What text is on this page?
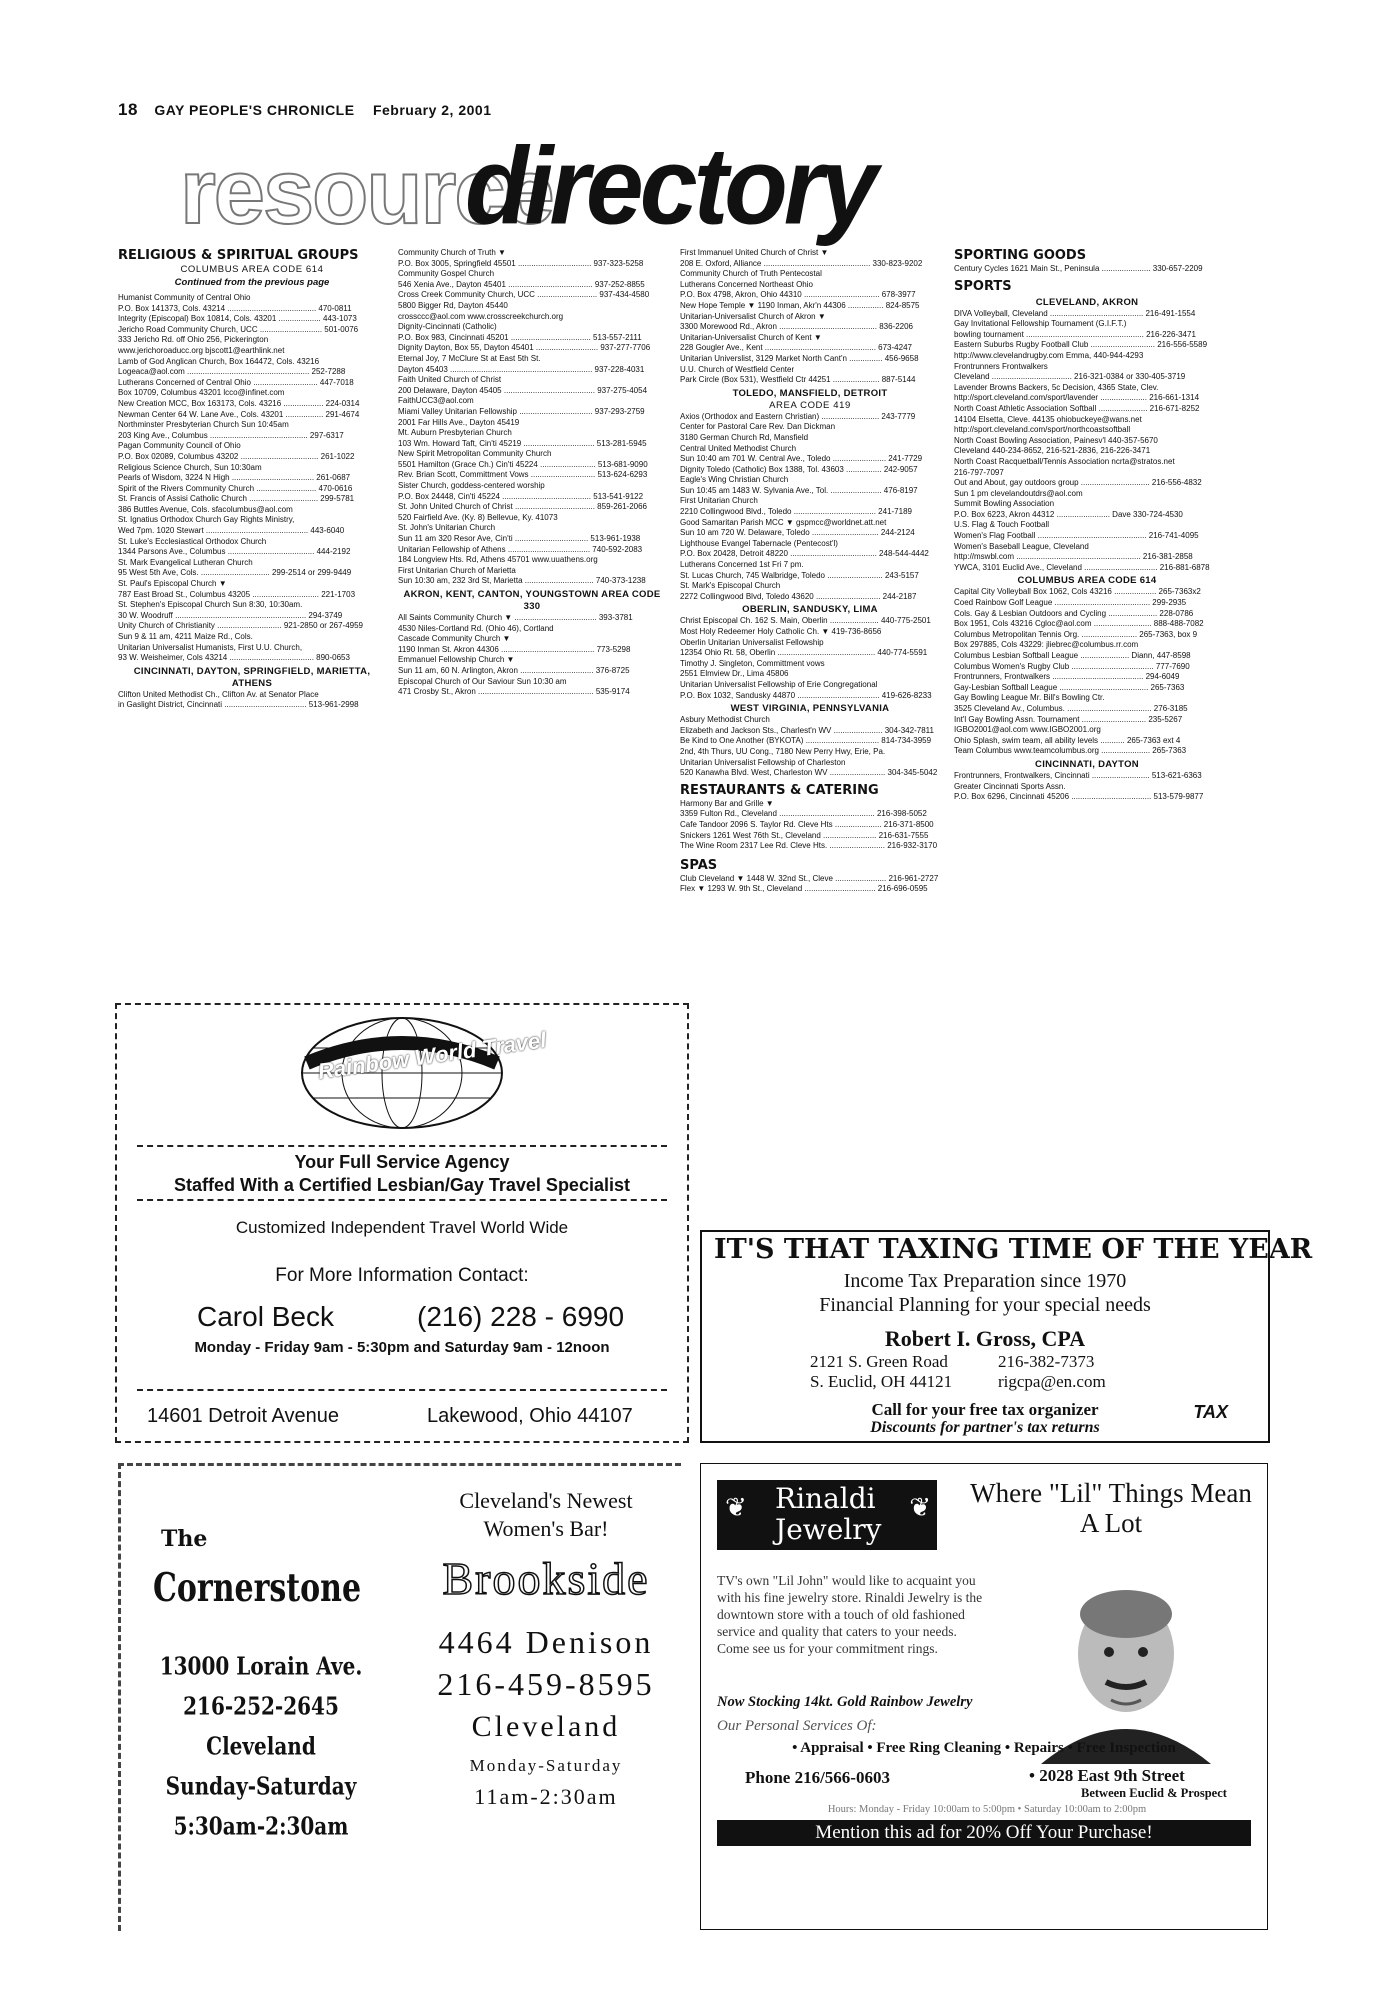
18 GAY PEOPLE'S CHRONICLE February 2, 2001
resource
directory
RELIGIOUS & SPIRITUAL GROUPS
COLUMBUS AREA CODE 614
Continued from the previous page
Humanist Community of Central Ohio
P.O. Box 141373, Cols. 43214 ........................................ 470-0811
Integrity (Episcopal) Box 10814, Cols. 43201 ................... 443-1073
Jericho Road Community Church, UCC ............................ 501-0076
333 Jericho Rd. off Ohio 256, Pickerington
www.jerichoroaducc.org bjscott1@earthlink.net
Lamb of God Anglican Church, Box 164472, Cols. 43216
Logeaca@aol.com ....................................................... 252-7288
Lutherans Concerned of Central Ohio ............................. 447-7018
Box 10709, Columbus 43201 lcco@infinet.com
New Creation MCC, Box 163173, Cols. 43216 .................. 224-0314
Newman Center 64 W. Lane Ave., Cols. 43201 ................. 291-4674
Northminster Presbyterian Church Sun 10:45am
203 King Ave., Columbus ............................................ 297-6317
Pagan Community Council of Ohio
P.O. Box 02089, Columbus 43202 ................................... 261-1022
Religious Science Church, Sun 10:30am
Pearls of Wisdom, 3224 N High ..................................... 261-0687
Spirit of the Rivers Community Church ........................... 470-0616
St. Francis of Assisi Catholic Church ............................... 299-5781
386 Buttles Avenue, Cols. sfacolumbus@aol.com
St. Ignatius Orthodox Church Gay Rights Ministry,
Wed 7pm. 1020 Stewart .............................................. 443-6040
St. Luke's Ecclesiastical Orthodox Church
1344 Parsons Ave., Columbus ....................................... 444-2192
St. Mark Evangelical Lutheran Church
95 West 5th Ave, Cols. ............................... 299-2514 or 299-9449
St. Paul's Episcopal Church ▼
787 East Broad St., Columbus 43205 .............................. 221-1703
St. Stephen's Episcopal Church Sun 8:30, 10:30am.
30 W. Woodruff ........................................................... 294-3749
Unity Church of Christianity ............................. 921-2850 or 267-4959
Sun 9 & 11 am, 4211 Maize Rd., Cols.
Unitarian Universalist Humanists, First U.U. Church,
93 W. Weisheimer, Cols 43214 ...................................... 890-0653
CINCINNATI, DAYTON, SPRINGFIELD, MARIETTA, ATHENS
Clifton United Methodist Ch., Clifton Av. at Senator Place
in Gaslight District, Cincinnati ..................................... 513-961-2998
Community Church of Truth ▼
P.O. Box 3005, Springfield 45501 ................................. 937-323-5258
Community Gospel Church
546 Xenia Ave., Dayton 45401 ...................................... 937-252-8855
Cross Creek Community Church, UCC ........................... 937-434-4580
5800 Bigger Rd, Dayton 45440
crossccc@aol.com www.crosscreekchurch.org
Dignity-Cincinnati (Catholic)
P.O. Box 983, Cincinnati 45201 .................................... 513-557-2111
Dignity Dayton, Box 55, Dayton 45401 ............................ 937-277-7706
Eternal Joy, 7 McClure St at East 5th St.
Dayton 45403 ................................................................ 937-228-4031
Faith United Church of Christ
200 Delaware, Dayton 45405 ......................................... 937-275-4054
FaithUCC3@aol.com
Miami Valley Unitarian Fellowship ................................. 937-293-2759
2001 Far Hills Ave., Dayton 45419
Mt. Auburn Presbyterian Church
103 Wm. Howard Taft, Cin'ti 45219 ................................ 513-281-5945
New Spirit Metropolitan Community Church
5501 Hamilton (Grace Ch.) Cin'ti 45224 ......................... 513-681-9090
Rev. Brian Scott, Committment Vows ............................. 513-624-6293
Sister Church, goddess-centered worship
P.O. Box 24448, Cin'ti 45224 ........................................ 513-541-9122
St. John United Church of Christ .................................... 859-261-2066
520 Fairfield Ave. (Ky. 8) Bellevue, Ky. 41073
St. John's Unitarian Church
Sun 11 am 320 Resor Ave, Cin'ti ................................. 513-961-1938
Unitarian Fellowship of Athens ..................................... 740-592-2083
184 Longview Hts. Rd, Athens 45701 www.uuathens.org
First Unitarian Church of Marietta
Sun 10:30 am, 232 3rd St, Marietta ............................... 740-373-1238
AKRON, KENT, CANTON, YOUNGSTOWN AREA CODE 330
All Saints Community Church ▼ ..................................... 393-3781
4530 Niles-Cortland Rd. (Ohio 46), Cortland
Cascade Community Church ▼
1190 Inman St. Akron 44306 .......................................... 773-5298
Emmanuel Fellowship Church ▼
Sun 11 am, 60 N. Arlington, Akron ................................. 376-8725
Episcopal Church of Our Saviour Sun 10:30 am
471 Crosby St., Akron .................................................... 535-9174
First Immanuel United Church of Christ ▼
208 E. Oxford, Alliance ................................................ 330-823-9202
Community Church of Truth Pentecostal
Lutherans Concerned Northeast Ohio
P.O. Box 4798, Akron, Ohio 44310 .................................. 678-3977
New Hope Temple ▼ 1190 Inman, Akr'n 44306 ................ 824-8575
Unitarian-Universalist Church of Akron ▼
3300 Morewood Rd., Akron ............................................ 836-2206
Unitarian-Universalist Church of Kent ▼
228 Gougler Ave., Kent .................................................. 673-4247
Unitarian Universlist, 3129 Market North Cant'n ............... 456-9658
U.U. Church of Westfield Center
Park Circle (Box 531), Westfield Ctr 44251 ..................... 887-5144
TOLEDO, MANSFIELD, DETROIT
AREA CODE 419
Axios (Orthodox and Eastern Christian) .......................... 243-7779
Center for Pastoral Care Rev. Dan Dickman
3180 German Church Rd, Mansfield
Central United Methodist Church
Sun 10:40 am 701 W. Central Ave., Toledo ........................ 241-7729
Dignity Toledo (Catholic) Box 1388, Tol. 43603 ................ 242-9057
Eagle's Wing Christian Church
Sun 10:45 am 1483 W. Sylvania Ave., Tol. ....................... 476-8197
First Unitarian Church
2210 Collingwood Blvd., Toledo ..................................... 241-7189
Good Samaritan Parish MCC ▼ gspmcc@worldnet.att.net
Sun 10 am 720 W. Delaware, Toledo .............................. 244-2124
Lighthouse Evangel Tabernacle (Pentecost'l)
P.O. Box 20428, Detroit 48220 ....................................... 248-544-4442
Lutherans Concerned 1st Fri 7 pm.
St. Lucas Church, 745 Walbridge, Toledo ......................... 243-5157
St. Mark's Episcopal Church
2272 Collingwood Blvd, Toledo 43620 ............................. 244-2187
OBERLIN, SANDUSKY, LIMA
Christ Episcopal Ch. 162 S. Main, Oberlin ...................... 440-775-2501
Most Holy Redeemer Holy Catholic Ch. ▼ 419-736-8656
Oberlin Unitarian Universalist Fellowship
12354 Ohio Rt. 58, Oberlin ............................................ 440-774-5591
Timothy J. Singleton, Committment vows
2551 Elmview Dr., Lima 45806
Unitarian Universalist Fellowship of Erie Congregational
P.O. Box 1032, Sandusky 44870 ..................................... 419-626-8233
WEST VIRGINIA, PENNSYLVANIA
Asbury Methodist Church
Elizabeth and Jackson Sts., Charlest'n WV ...................... 304-342-7811
Be Kind to One Another (BYKOTA) ................................. 814-734-3959
2nd, 4th Thurs, UU Cong., 7180 New Perry Hwy, Erie, Pa.
Unitarian Universalist Fellowship of Charleston
520 Kanawha Blvd. West, Charleston WV ......................... 304-345-5042
RESTAURANTS & CATERING
Harmony Bar and Grille ▼
3359 Fulton Rd., Cleveland ........................................... 216-398-5052
Cafe Tandoor 2096 S. Taylor Rd. Cleve Hts ..................... 216-371-8500
Snickers 1261 West 76th St., Cleveland ........................ 216-631-7555
The Wine Room 2317 Lee Rd. Cleve Hts. ......................... 216-932-3170
SPAS
Club Cleveland ▼ 1448 W. 32nd St., Cleve ....................... 216-961-2727
Flex ▼ 1293 W. 9th St., Cleveland ................................ 216-696-0595
SPORTING GOODS
Century Cycles 1621 Main St., Peninsula ...................... 330-657-2209
SPORTS
CLEVELAND, AKRON
DIVA Volleyball, Cleveland .......................................... 216-491-1554
Gay Invitational Fellowship Tournament (G.I.F.T.)
bowling tournament ..................................................... 216-226-3471
Eastern Suburbs Rugby Football Club ............................. 216-556-5589
http://www.clevelandrugby.com Emma, 440-944-4293
Frontrunners Frontwalkers
Cleveland .................................... 216-321-0384 or 330-405-3719
Lavender Browns Backers, 5c Decision, 4365 State, Clev.
http://sport.cleveland.com/sport/lavender ..................... 216-661-1314
North Coast Athletic Association Softball ...................... 216-671-8252
14104 Elsetta, Cleve. 44135 ohiobuckeye@wans.net
http://sport.cleveland.com/sport/northcoastsoftball
North Coast Bowling Association, Painesv'l 440-357-5670
Cleveland 440-234-8652, 216-521-2836, 216-226-3471
North Coast Racquetball/Tennis Association ncrta@stratos.net
216-797-7097
Out and About, gay outdoors group ............................... 216-556-4832
Sun 1 pm clevelandoutdrs@aol.com
Summit Bowling Association
P.O. Box 6223, Akron 44312 ........................ Dave 330-724-4530
U.S. Flag & Touch Football
Women's Flag Football ................................................. 216-741-4095
Women's Baseball League, Cleveland
http://mswbl.com ........................................................ 216-381-2858
YWCA, 3101 Euclid Ave., Cleveland ................................. 216-881-6878
COLUMBUS AREA CODE 614
Capital City Volleyball Box 1062, Cols 43216 ................... 265-7363x2
Coed Rainbow Golf League ........................................... 299-2935
Cols. Gay & Lesbian Outdoors and Cycling ...................... 228-0786
Box 1951, Cols 43216 Cgloc@aol.com .......................... 888-488-7082
Columbus Metropolitan Tennis Org. ......................... 265-7363, box 9
Box 297885, Cols 43229: jliebrec@columbus.rr.com
Columbus Lesbian Softball League ...................... Diann, 447-8598
Columbus Women's Rugby Club ..................................... 777-7690
Frontrunners, Frontwalkers ......................................... 294-6049
Gay-Lesbian Softball League ........................................ 265-7363
Gay Bowling League Mr. Bill's Bowling Ctr.
3525 Cleveland Av., Columbus. ...................................... 276-3185
Int'l Gay Bowling Assn. Tournament ............................. 235-5267
IGBO2001@aol.com www.IGBO2001.org
Ohio Splash, swim team, all ability levels ........... 265-7363 ext 4
Team Columbus www.teamcolumbus.org ...................... 265-7363
CINCINNATI, DAYTON
Frontrunners, Frontwalkers, Cincinnati .......................... 513-621-6363
Greater Cincinnati Sports Assn.
P.O. Box 6296, Cincinnati 45206 .................................... 513-579-9877
Rainbow World Travel
Your Full Service Agency
Staffed With a Certified Lesbian/Gay Travel Specialist
Customized Independent Travel World Wide
For More Information Contact:
Carol Beck	(216) 228 - 6990
Monday - Friday 9am - 5:30pm and Saturday 9am - 12noon
14601 Detroit Avenue	Lakewood, Ohio 44107
IT'S THAT TAXING TIME OF THE YEAR
Income Tax Preparation since 1970
Financial Planning for your special needs
Robert I. Gross, CPA
2121 S. Green Road
S. Euclid, OH 44121
216-382-7373
rigcpa@en.com
Call for your free tax organizer
Discounts for partner's tax returns
TAX
The
Cornerstone
13000 Lorain Ave.
216-252-2645
Cleveland
Sunday-Saturday
5:30am-2:30am
Cleveland's Newest
Women's Bar!
Brookside
4464 Denison
216-459-8595
Cleveland
Monday-Saturday
11am-2:30am
❦ Rinaldi
Jewelry
❦	Where "Lil" Things Mean A Lot
TV's own "Lil John" would like to acquaint you with his fine jewelry store. Rinaldi Jewelry is the downtown store with a touch of old fashioned service and quality that caters to your needs. Come see us for your commitment rings.
Now Stocking 14kt. Gold Rainbow Jewelry
Our Personal Services Of:
• Appraisal • Free Ring Cleaning • Repairs • Free Inspection
Phone 216/566-0603	• 2028 East 9th Street
Between Euclid & Prospect
Hours: Monday - Friday 10:00am to 5:00pm • Saturday 10:00am to 2:00pm
Mention this ad for 20% Off Your Purchase!
